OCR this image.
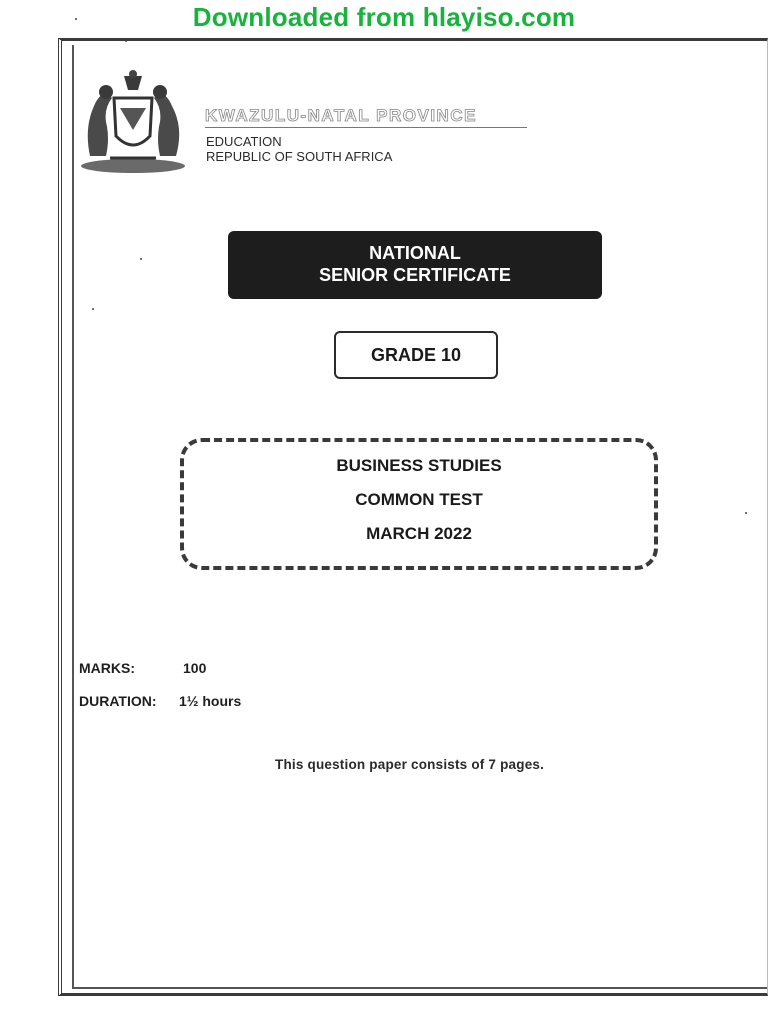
Downloaded from hlayiso.com
KWAZULU-NATAL PROVINCE
EDUCATION
REPUBLIC OF SOUTH AFRICA
NATIONAL
SENIOR CERTIFICATE
GRADE 10
BUSINESS STUDIES
COMMON TEST
MARCH 2022
MARKS:	100
DURATION: 1½ hours
This question paper consists of 7 pages.
